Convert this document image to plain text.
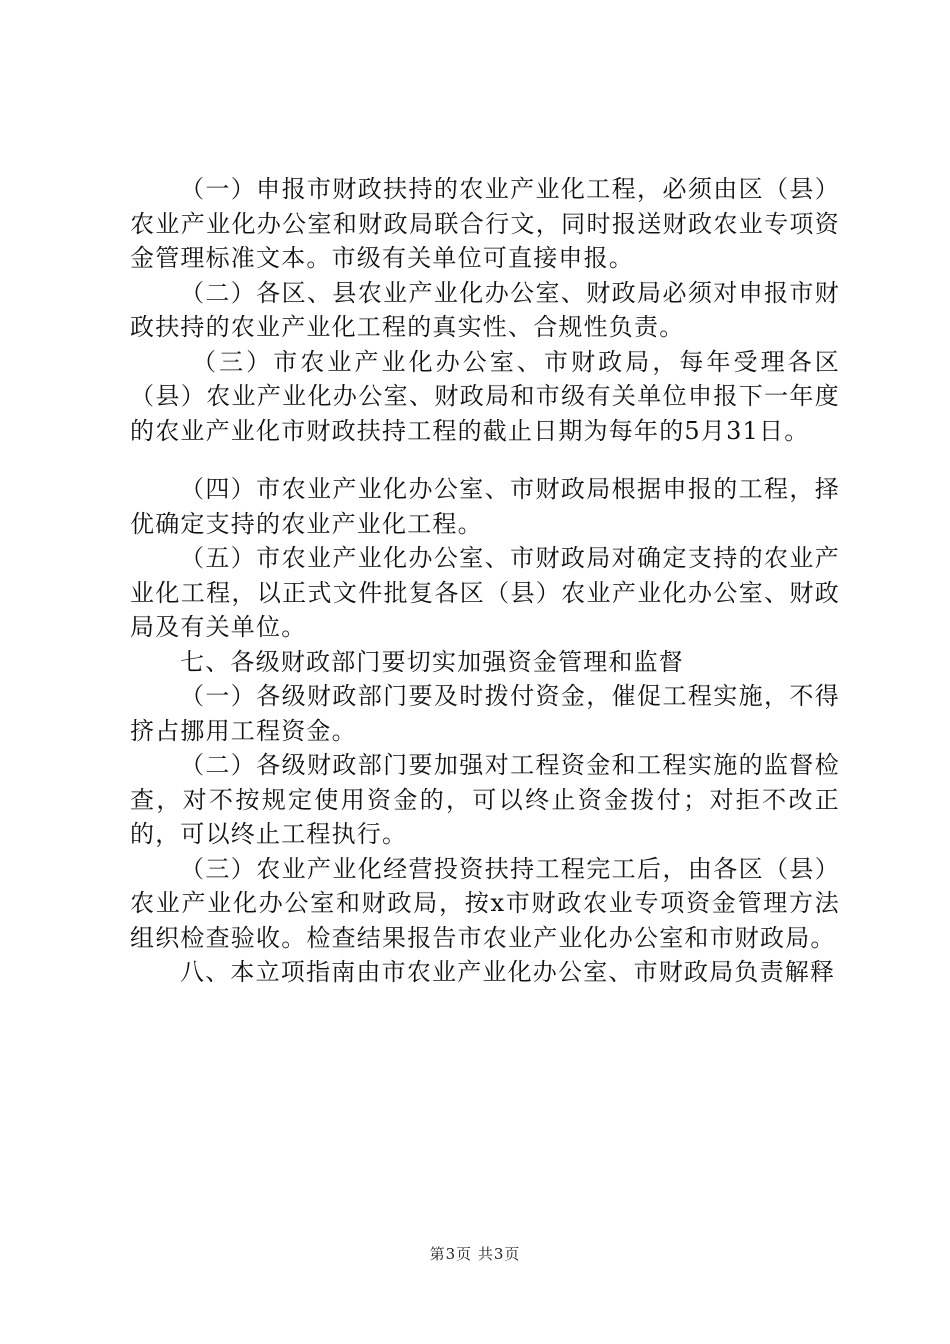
（一）申报市财政扶持的农业产业化工程，必须由区（县）农业产业化办公室和财政局联合行文，同时报送财政农业专项资金管理标准文本。市级有关单位可直接申报。

（二）各区、县农业产业化办公室、财政局必须对申报市财政扶持的农业产业化工程的真实性、合规性负责。

（三）市农业产业化办公室、市财政局，每年受理各区（县）农业产业化办公室、财政局和市级有关单位申报下一年度的农业产业化市财政扶持工程的截止日期为每年的5月31日。

（四）市农业产业化办公室、市财政局根据申报的工程，择优确定支持的农业产业化工程。

（五）市农业产业化办公室、市财政局对确定支持的农业产业化工程，以正式文件批复各区（县）农业产业化办公室、财政局及有关单位。

七、各级财政部门要切实加强资金管理和监督

（一）各级财政部门要及时拨付资金，催促工程实施，不得挤占挪用工程资金。

（二）各级财政部门要加强对工程资金和工程实施的监督检查，对不按规定使用资金的，可以终止资金拨付；对拒不改正的，可以终止工程执行。

（三）农业产业化经营投资扶持工程完工后，由各区（县）农业产业化办公室和财政局，按x市财政农业专项资金管理方法组织检查验收。检查结果报告市农业产业化办公室和市财政局。

八、本立项指南由市农业产业化办公室、市财政局负责解释

第3页 共3页
